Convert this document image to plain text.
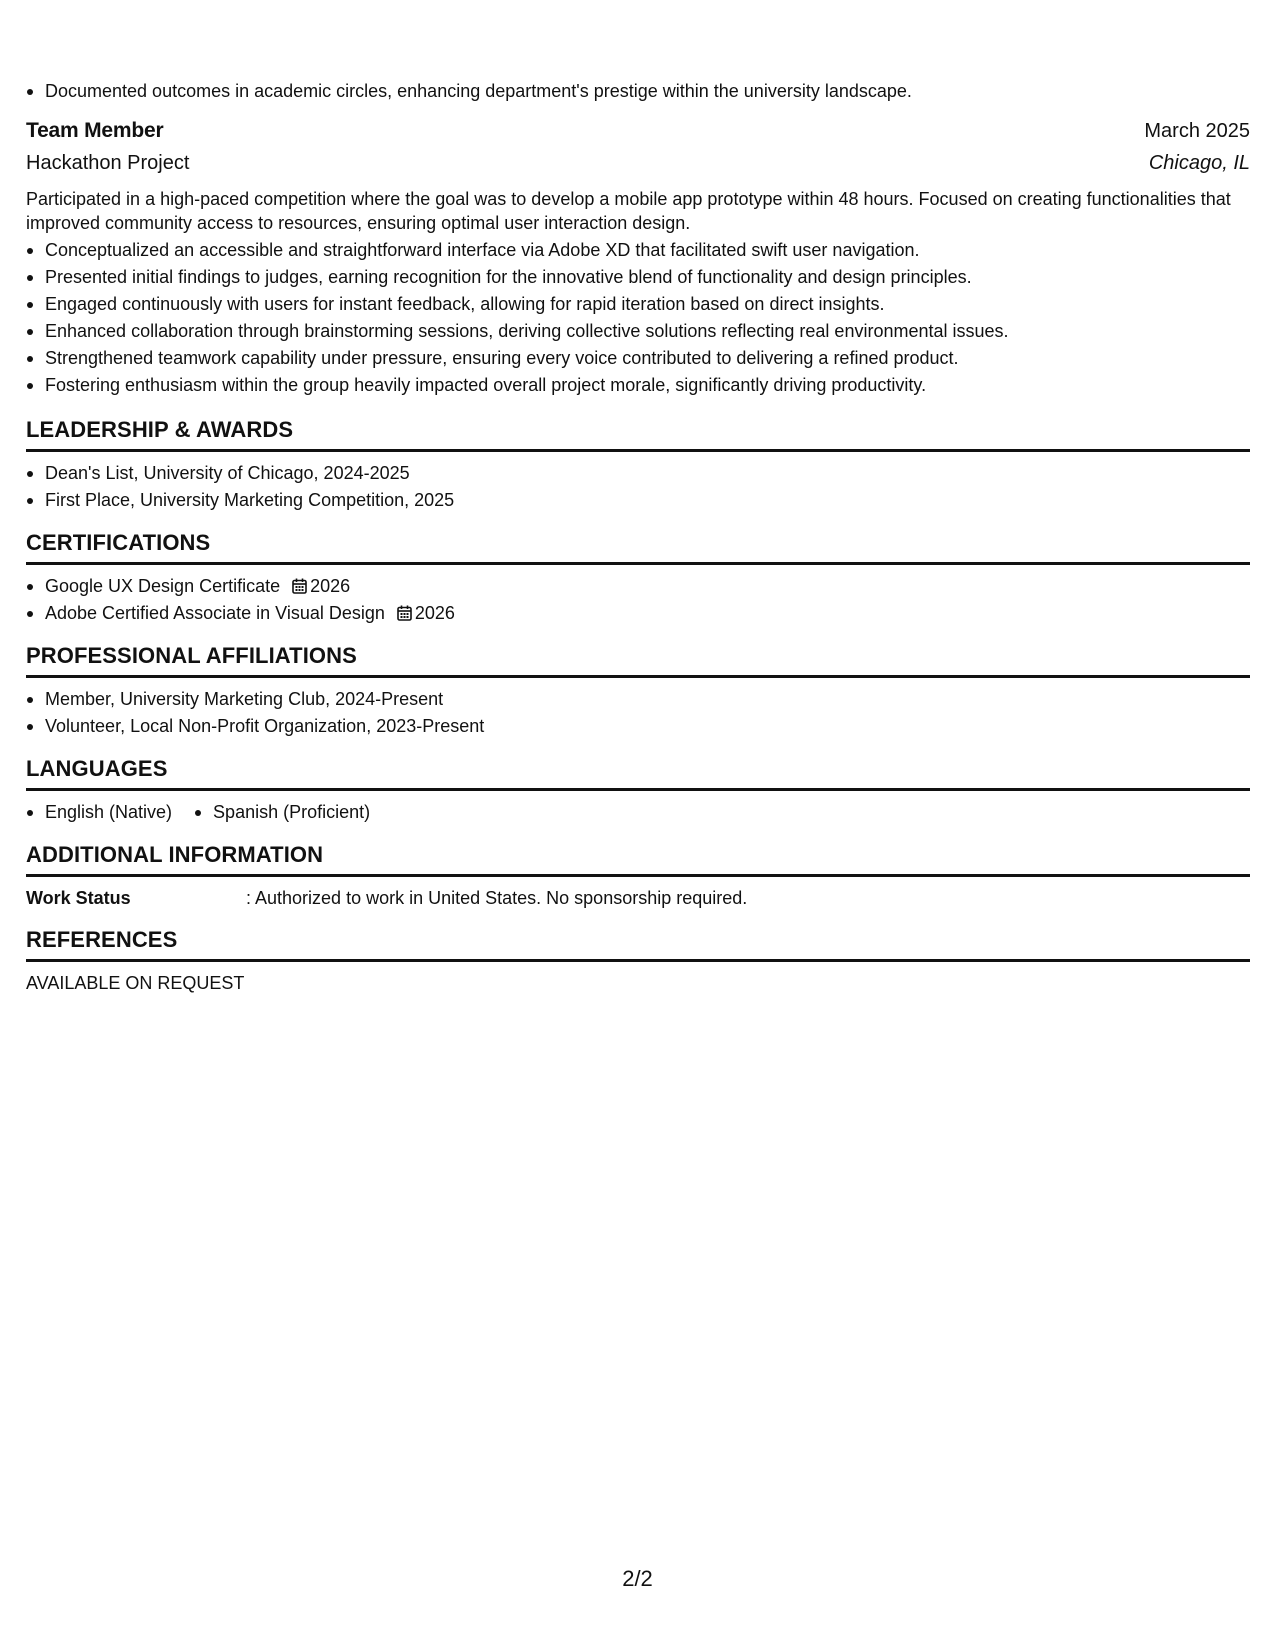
Documented outcomes in academic circles, enhancing department's prestige within the university landscape.
Team Member	March 2025
Hackathon Project	Chicago, IL
Participated in a high-paced competition where the goal was to develop a mobile app prototype within 48 hours. Focused on creating functionalities that improved community access to resources, ensuring optimal user interaction design.
Conceptualized an accessible and straightforward interface via Adobe XD that facilitated swift user navigation.
Presented initial findings to judges, earning recognition for the innovative blend of functionality and design principles.
Engaged continuously with users for instant feedback, allowing for rapid iteration based on direct insights.
Enhanced collaboration through brainstorming sessions, deriving collective solutions reflecting real environmental issues.
Strengthened teamwork capability under pressure, ensuring every voice contributed to delivering a refined product.
Fostering enthusiasm within the group heavily impacted overall project morale, significantly driving productivity.
LEADERSHIP & AWARDS
Dean's List, University of Chicago, 2024-2025
First Place, University Marketing Competition, 2025
CERTIFICATIONS
Google UX Design Certificate 2026
Adobe Certified Associate in Visual Design 2026
PROFESSIONAL AFFILIATIONS
Member, University Marketing Club, 2024-Present
Volunteer, Local Non-Profit Organization, 2023-Present
LANGUAGES
English (Native)	Spanish (Proficient)
ADDITIONAL INFORMATION
Work Status	: Authorized to work in United States. No sponsorship required.
REFERENCES
AVAILABLE ON REQUEST
2/2
